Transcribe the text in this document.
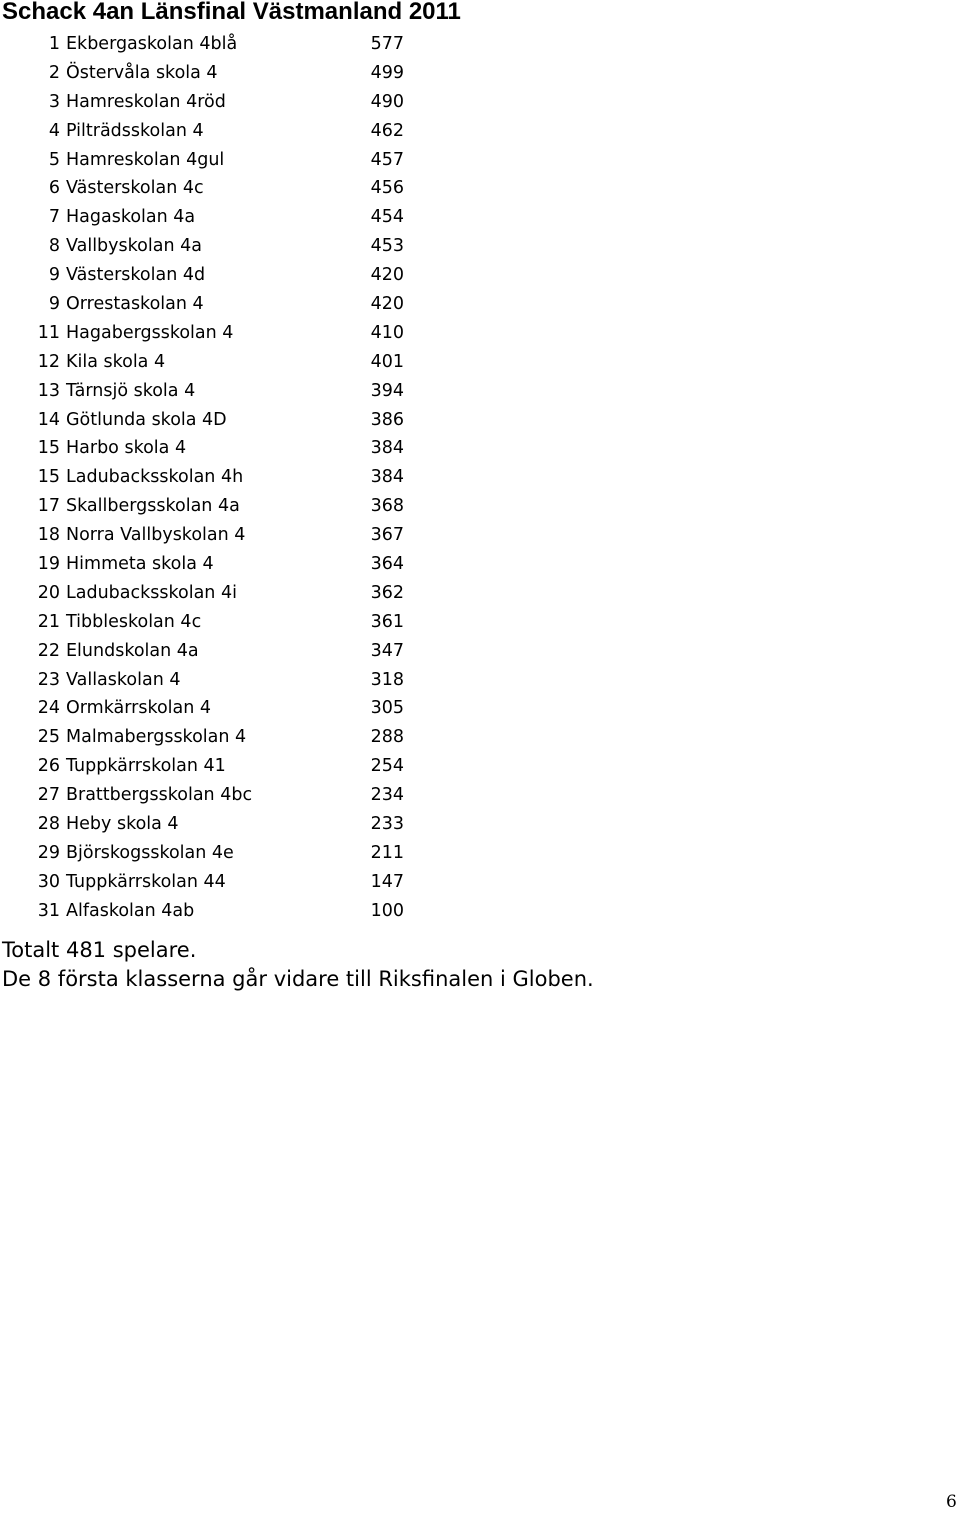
Schack 4an Länsfinal Västmanland 2011
1 Ekbergaskolan 4blå	577
2 Östervåla skola 4	499
3 Hamreskolan 4röd	490
4 Pilträdsskolan 4	462
5 Hamreskolan 4gul	457
6 Västerskolan 4c	456
7 Hagaskolan 4a	454
8 Vallbyskolan 4a	453
9 Västerskolan 4d	420
9 Orrestaskolan 4	420
11 Hagabergsskolan 4	410
12 Kila skola 4	401
13 Tärnsjö skola 4	394
14 Götlunda skola 4D	386
15 Harbo skola 4	384
15 Ladubacksskolan 4h	384
17 Skallbergsskolan 4a	368
18 Norra Vallbyskolan 4	367
19 Himmeta skola 4	364
20 Ladubacksskolan 4i	362
21 Tibbleskolan 4c	361
22 Elundskolan 4a	347
23 Vallaskolan 4	318
24 Ormkärrskolan 4	305
25 Malmabergsskolan 4	288
26 Tuppkärrskolan 41	254
27 Brattbergsskolan 4bc	234
28 Heby skola 4	233
29 Björskogsskolan 4e	211
30 Tuppkärrskolan 44	147
31 Alfaskolan 4ab	100

Totalt 481 spelare.

De 8 första klasserna går vidare till Riksfinalen i Globen.

6
